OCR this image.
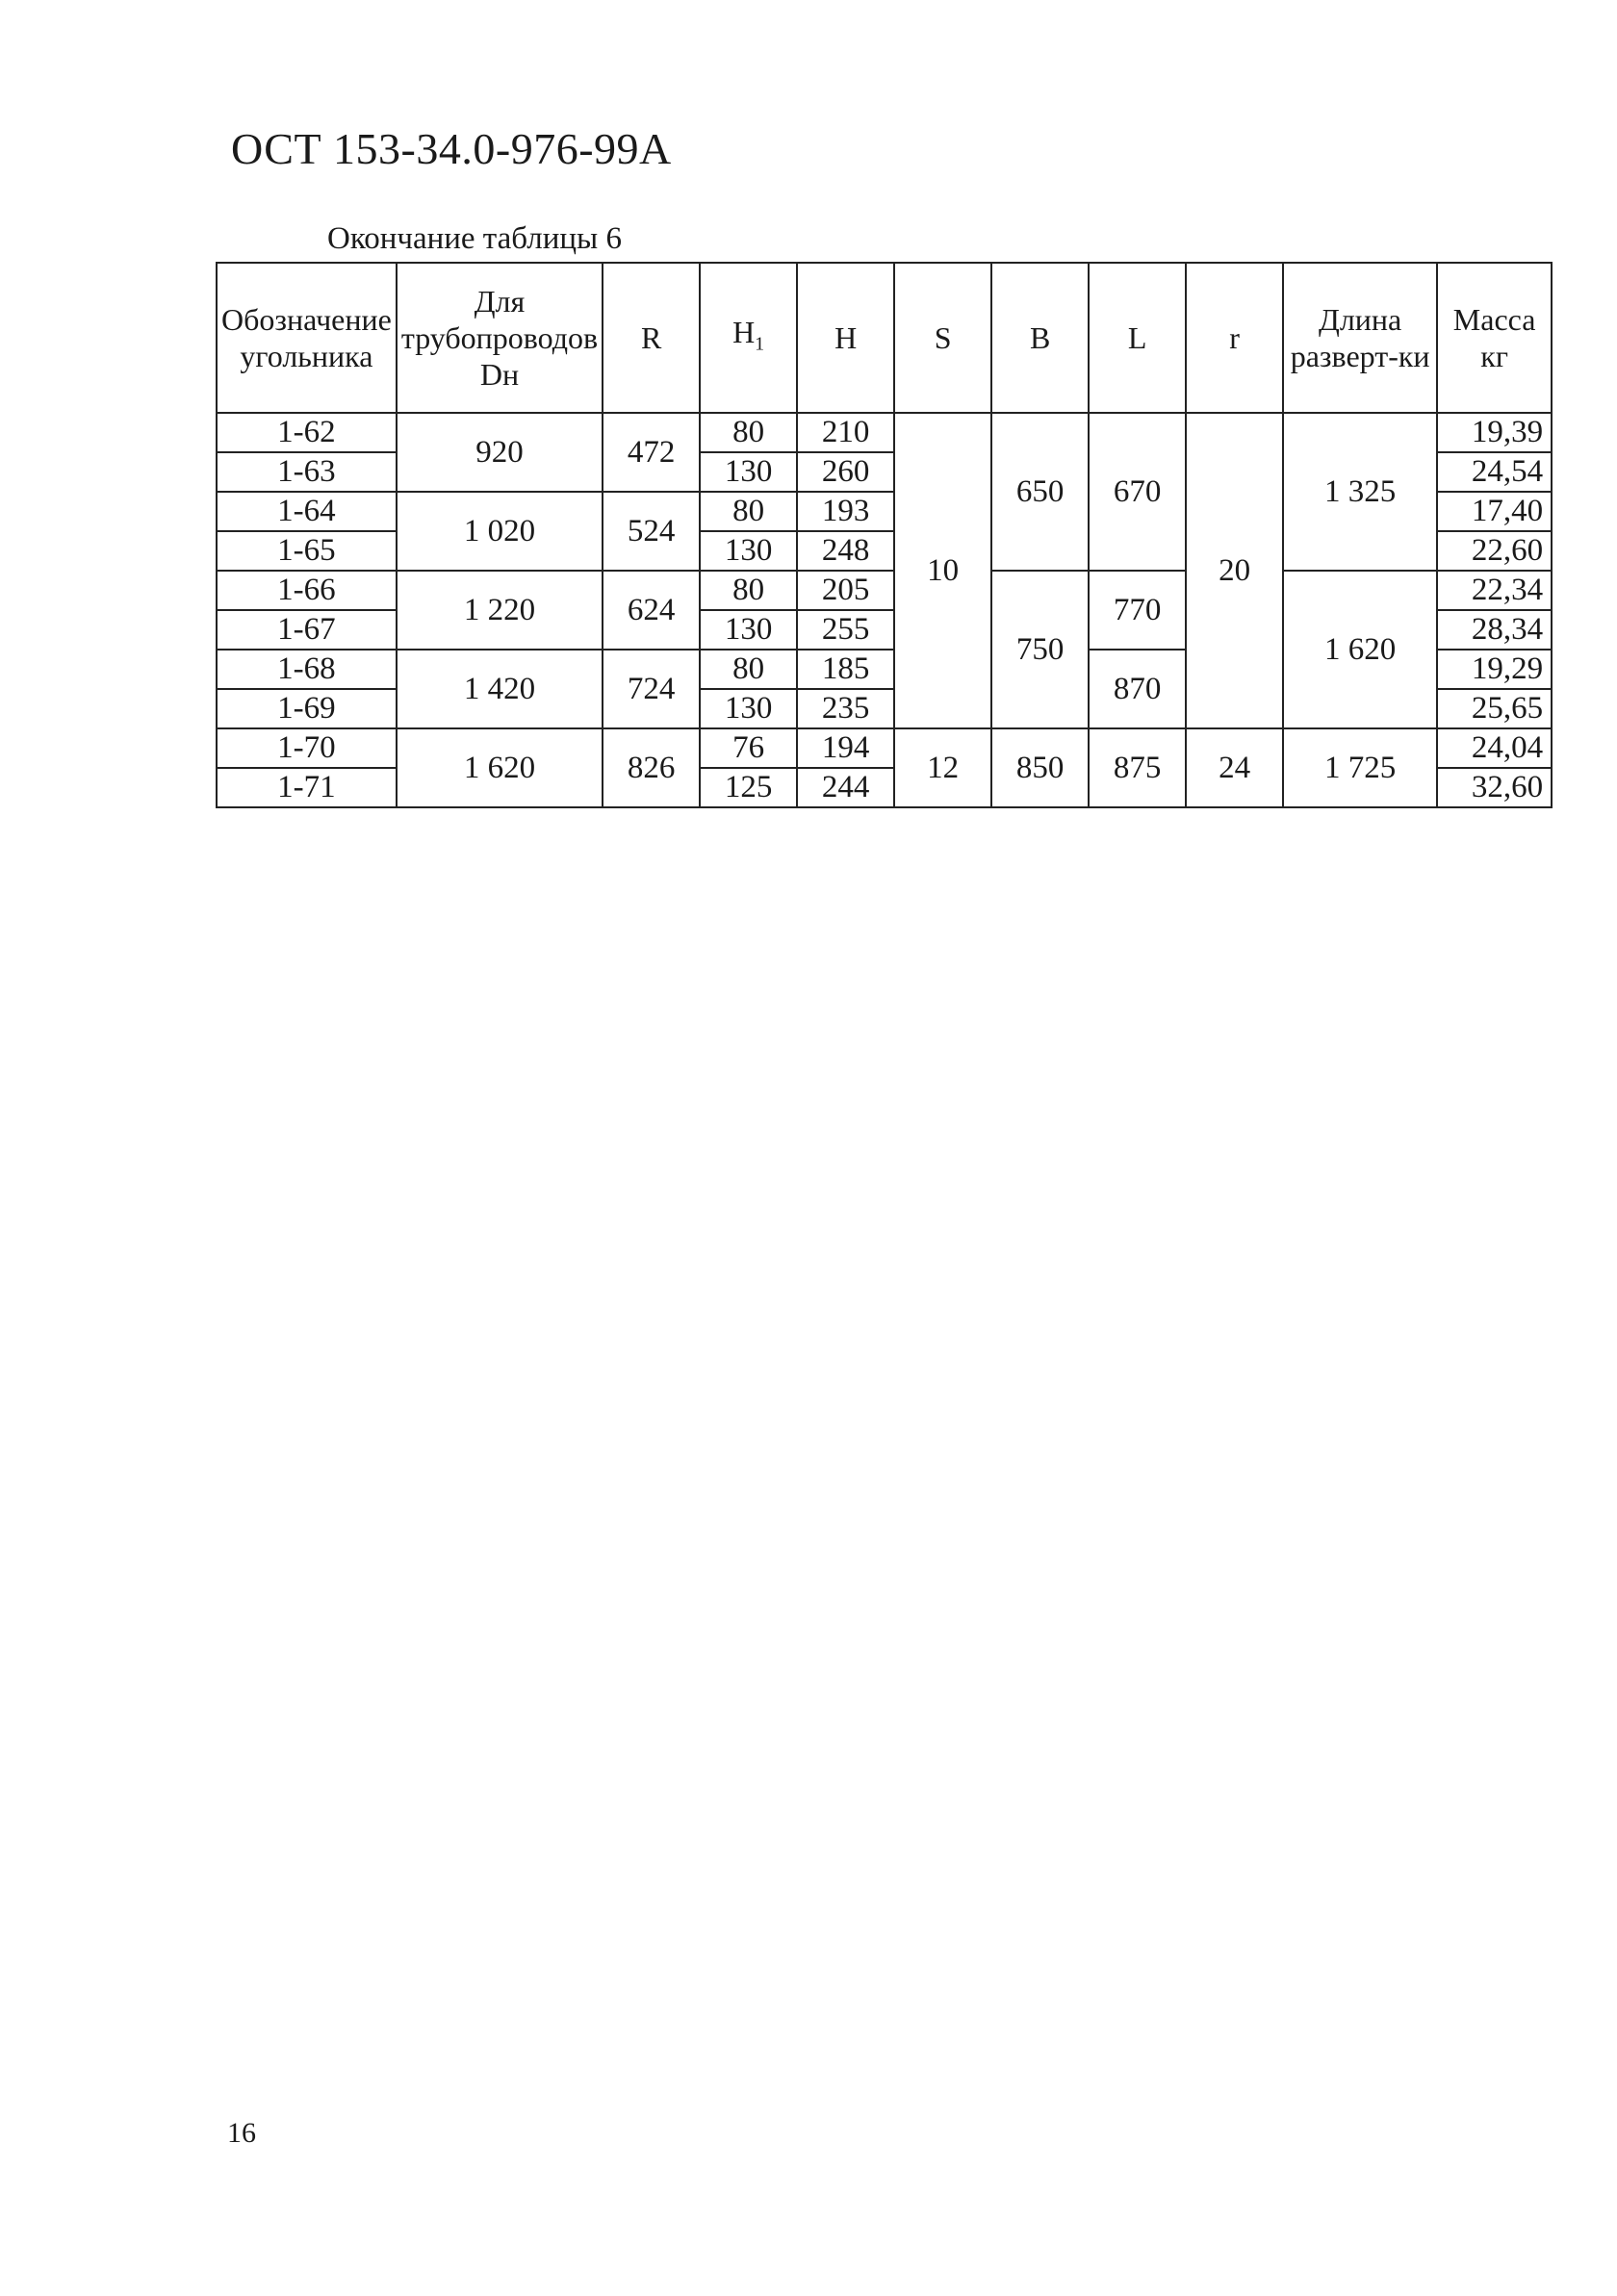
ОСТ 153-34.0-976-99А
Окончание таблицы 6
Обозначение угольника	Для трубопроводов Dн	R	$H_1$	H	S	B	L	r	Длина разверт-ки	Масса кг
1-62	920	472	80	210	10	650	670	20	1 325	19,39
1-63			130	260						24,54
1-64	1 020	524	80	193						17,40
1-65			130	248						22,60
1-66	1 220	624	80	205		750	770		1 620	22,34
1-67			130	255						28,34
1-68	1 420	724	80	185			870			19,29
1-69			130	235						25,65
1-70	1 620	826	76	194	12	850	875	24	1 725	24,04
1-71			125	244						32,60
16
